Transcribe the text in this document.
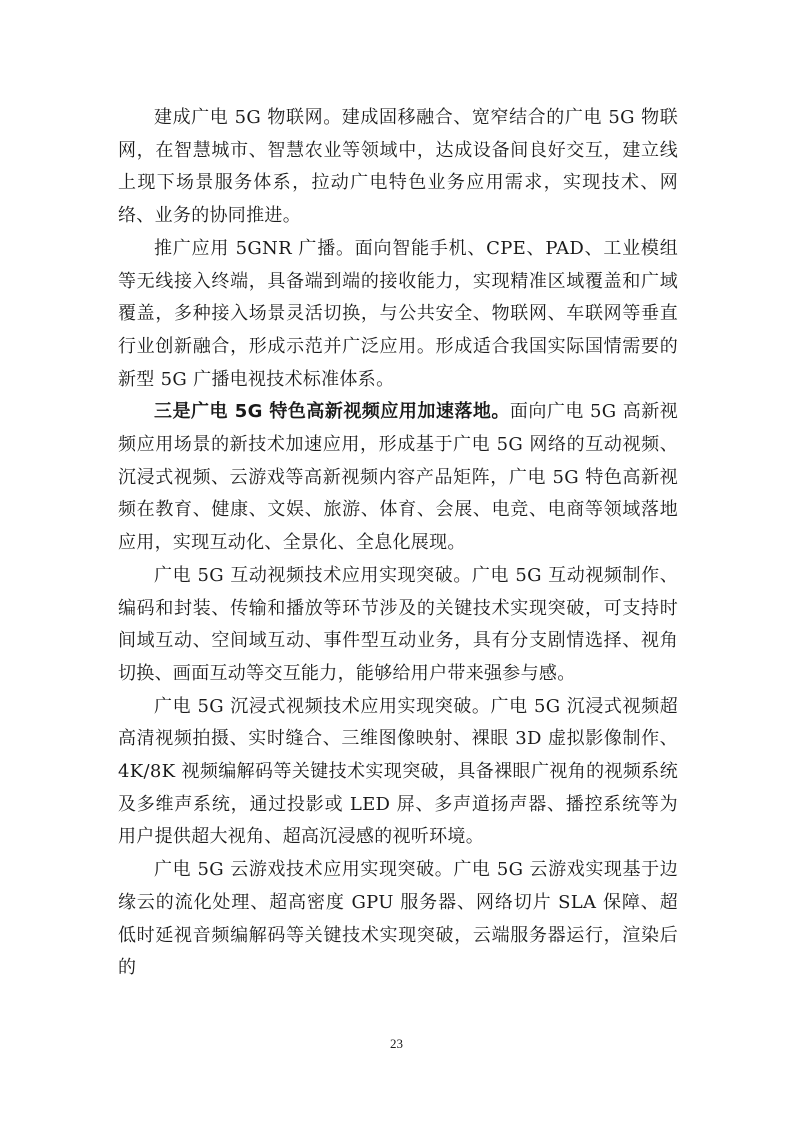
建成广电 5G 物联网。建成固移融合、宽窄结合的广电 5G 物联网，在智慧城市、智慧农业等领域中，达成设备间良好交互，建立线上现下场景服务体系，拉动广电特色业务应用需求，实现技术、网络、业务的协同推进。

推广应用 5GNR 广播。面向智能手机、CPE、PAD、工业模组等无线接入终端，具备端到端的接收能力，实现精准区域覆盖和广域覆盖，多种接入场景灵活切换，与公共安全、物联网、车联网等垂直行业创新融合，形成示范并广泛应用。形成适合我国实际国情需要的新型 5G 广播电视技术标准体系。

三是广电 5G 特色高新视频应用加速落地。面向广电 5G 高新视频应用场景的新技术加速应用，形成基于广电 5G 网络的互动视频、沉浸式视频、云游戏等高新视频内容产品矩阵，广电 5G 特色高新视频在教育、健康、文娱、旅游、体育、会展、电竞、电商等领域落地应用，实现互动化、全景化、全息化展现。

广电 5G 互动视频技术应用实现突破。广电 5G 互动视频制作、编码和封装、传输和播放等环节涉及的关键技术实现突破，可支持时间域互动、空间域互动、事件型互动业务，具有分支剧情选择、视角切换、画面互动等交互能力，能够给用户带来强参与感。

广电 5G 沉浸式视频技术应用实现突破。广电 5G 沉浸式视频超高清视频拍摄、实时缝合、三维图像映射、裸眼 3D 虚拟影像制作、4K/8K 视频编解码等关键技术实现突破，具备裸眼广视角的视频系统及多维声系统，通过投影或 LED 屏、多声道扬声器、播控系统等为用户提供超大视角、超高沉浸感的视听环境。

广电 5G 云游戏技术应用实现突破。广电 5G 云游戏实现基于边缘云的流化处理、超高密度 GPU 服务器、网络切片 SLA 保障、超低时延视音频编解码等关键技术实现突破，云端服务器运行，渲染后的

23
